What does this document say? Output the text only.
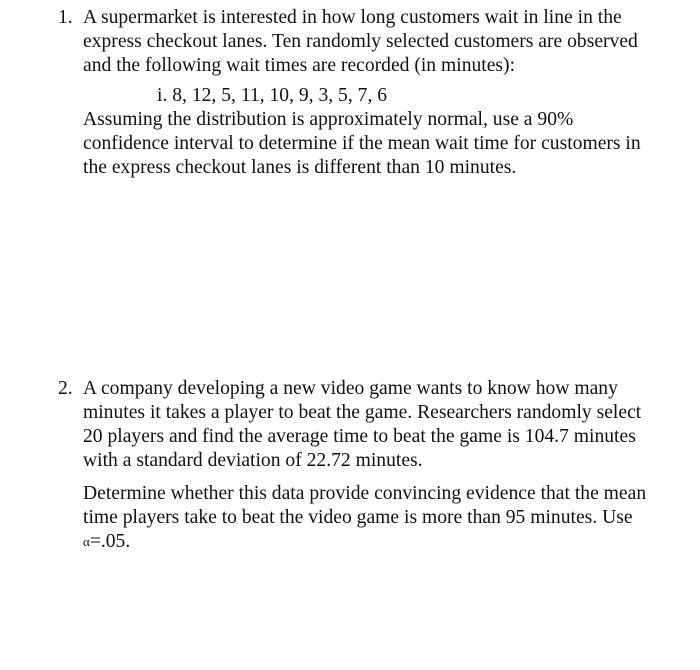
1. A supermarket is interested in how long customers wait in line in the express checkout lanes. Ten randomly selected customers are observed and the following wait times are recorded (in minutes):
i. 8, 12, 5, 11, 10, 9, 3, 5, 7, 6
Assuming the distribution is approximately normal, use a 90% confidence interval to determine if the mean wait time for customers in the express checkout lanes is different than 10 minutes.
2. A company developing a new video game wants to know how many minutes it takes a player to beat the game. Researchers randomly select 20 players and find the average time to beat the game is 104.7 minutes with a standard deviation of 22.72 minutes.
Determine whether this data provide convincing evidence that the mean time players take to beat the video game is more than 95 minutes. Use α=.05.
